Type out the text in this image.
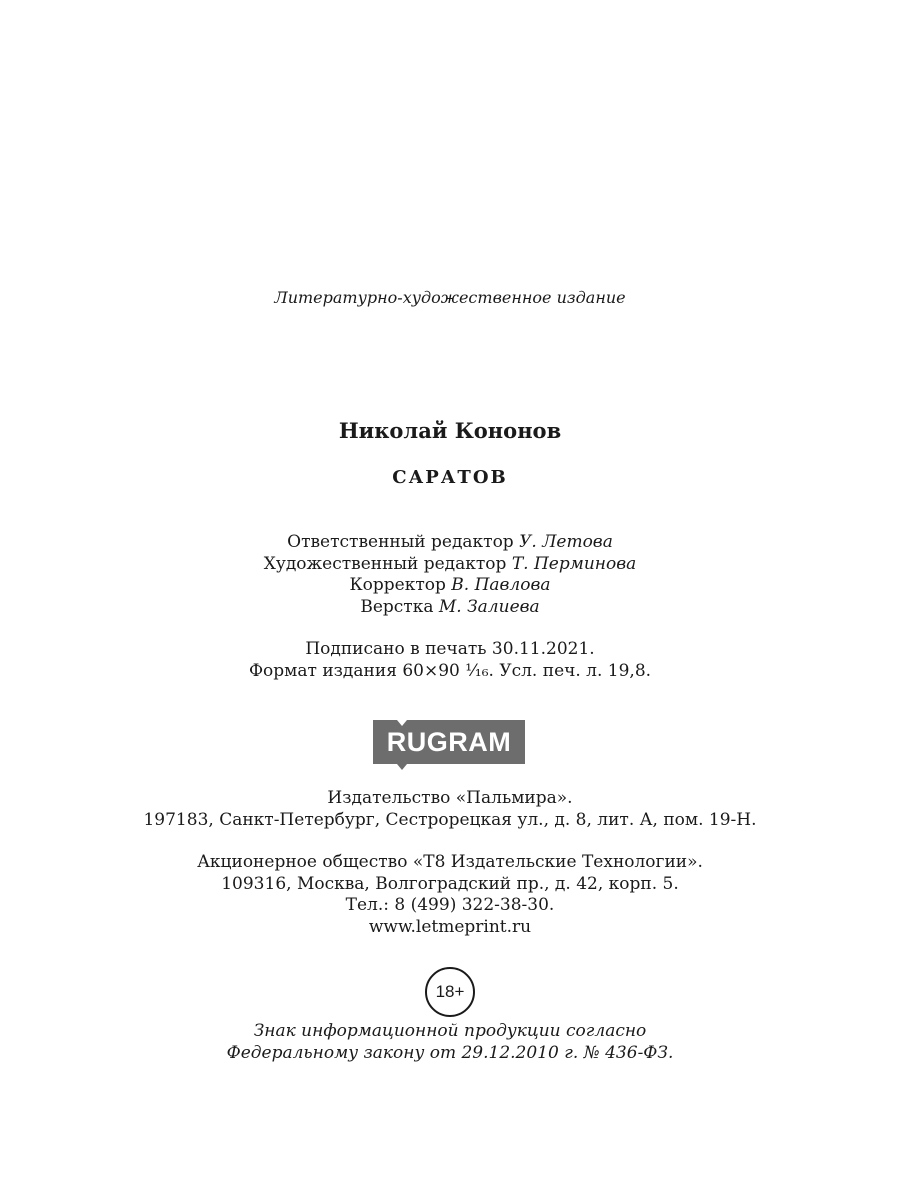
Литературно-художественное издание
Николай Кононов
САРАТОВ
Ответственный редактор У. Летова
Художественный редактор Т. Перминова
Корректор В. Павлова
Верстка М. Залиева
Подписано в печать 30.11.2021.
Формат издания 60×90 ¹⁄₁₆. Усл. печ. л. 19,8.
RUGRAM
Издательство «Пальмира».
197183, Санкт-Петербург, Сестрорецкая ул., д. 8, лит. А, пом. 19-Н.
Акционерное общество «Т8 Издательские Технологии».
109316, Москва, Волгоградский пр., д. 42, корп. 5.
Тел.: 8 (499) 322-38-30.
www.letmeprint.ru
18+
Знак информационной продукции согласно
Федеральному закону от 29.12.2010 г. № 436-ФЗ.
